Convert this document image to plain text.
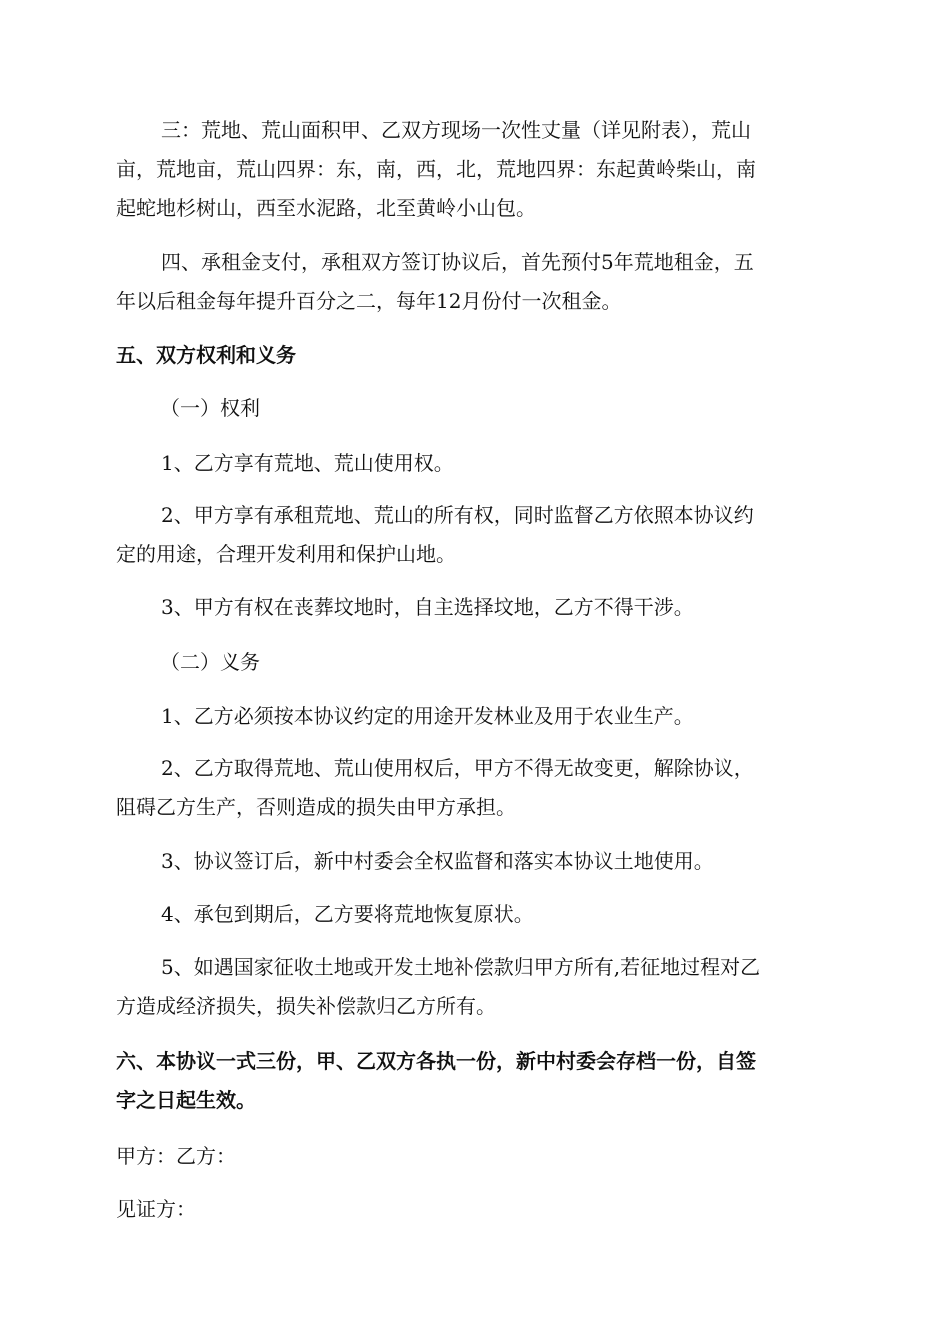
三：荒地、荒山面积甲、乙双方现场一次性丈量（详见附表），荒山
亩，荒地亩，荒山四界：东，南，西，北，荒地四界：东起黄岭柴山，南
起蛇地杉树山，西至水泥路，北至黄岭小山包。
四、承租金支付，承租双方签订协议后，首先预付5年荒地租金，五
年以后租金每年提升百分之二，每年12月份付一次租金。
五、双方权利和义务
（一）权利
1、乙方享有荒地、荒山使用权。
2、甲方享有承租荒地、荒山的所有权，同时监督乙方依照本协议约
定的用途，合理开发利用和保护山地。
3、甲方有权在丧葬坟地时，自主选择坟地，乙方不得干涉。
（二）义务
1、乙方必须按本协议约定的用途开发林业及用于农业生产。
2、乙方取得荒地、荒山使用权后，甲方不得无故变更，解除协议，
阻碍乙方生产，否则造成的损失由甲方承担。
3、协议签订后，新中村委会全权监督和落实本协议土地使用。
4、承包到期后，乙方要将荒地恢复原状。
5、如遇国家征收土地或开发土地补偿款归甲方所有,若征地过程对乙
方造成经济损失，损失补偿款归乙方所有。
六、本协议一式三份，甲、乙双方各执一份，新中村委会存档一份，自签
字之日起生效。
甲方：乙方：
见证方：
